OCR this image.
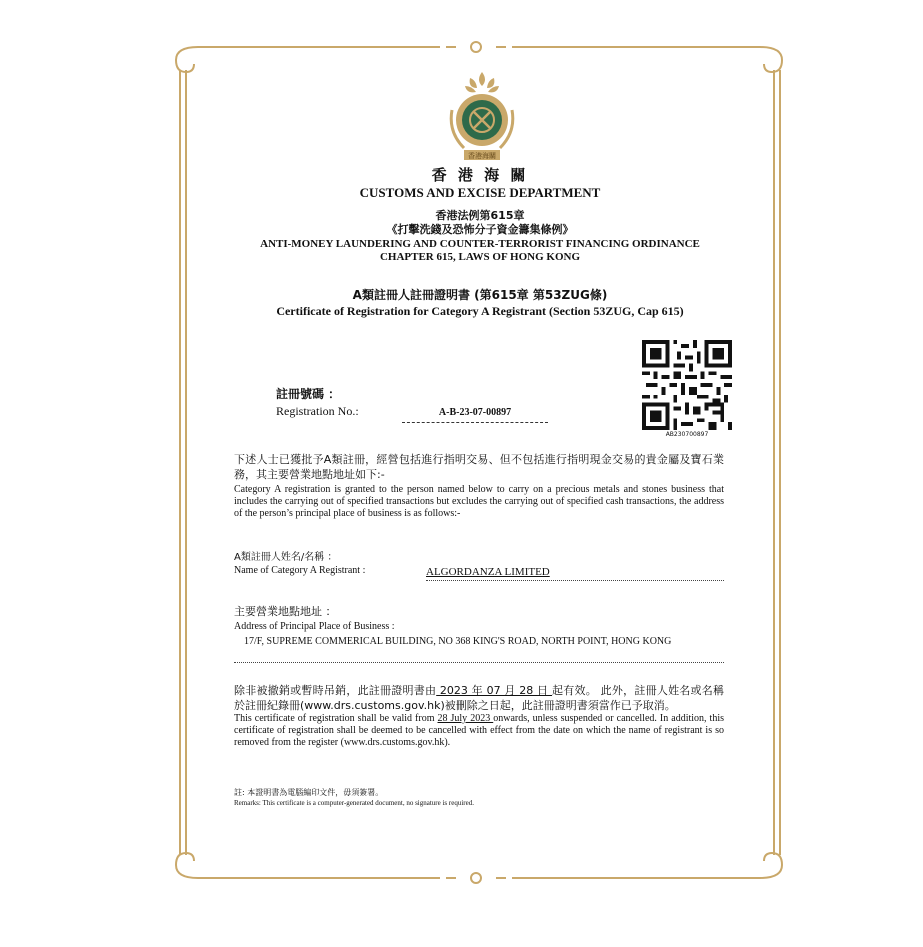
香港海關
香 港 海 關
CUSTOMS AND EXCISE DEPARTMENT
香港法例第615章
《打擊洗錢及恐怖分子資金籌集條例》
ANTI-MONEY LAUNDERING AND COUNTER-TERRORIST FINANCING ORDINANCE
CHAPTER 615, LAWS OF HONG KONG
A類註冊人註冊證明書 (第615章 第53ZUG條)
Certificate of Registration for Category A Registrant (Section 53ZUG, Cap 615)
AB230700897
註冊號碼 ：
Registration No.:	A-B-23-07-00897
下述人士已獲批予A類註冊，經營包括進行指明交易、但不包括進行指明現金交易的貴金屬及寶石業務，其主要營業地點地址如下:-
Category A registration is granted to the person named below to carry on a precious metals and stones business that includes the carrying out of specified transactions but excludes the carrying out of specified cash transactions, the address of the person’s principal place of business is as follows:-
A類註冊人姓名/名稱 ：
Name of Category A Registrant :	ALGORDANZA LIMITED
主要營業地點地址 ：
Address of Principal Place of Business :
17/F, SUPREME COMMERICAL BUILDING, NO 368 KING'S ROAD, NORTH POINT, HONG KONG
除非被撤銷或暫時吊銷，此註冊證明書由 2023 年 07 月 28 日 起有效。 此外，註冊人姓名或名稱於註冊紀錄冊(www.drs.customs.gov.hk)被刪除之日起，此註冊證明書須當作已予取消。
This certificate of registration shall be valid from 28 July 2023 onwards, unless suspended or cancelled. In addition, this certificate of registration shall be deemed to be cancelled with effect from the date on which the name of registrant is so removed from the register (www.drs.customs.gov.hk).
註: 本證明書為電腦編印文件，毋須簽署。
Remarks: This certificate is a computer-generated document, no signature is required.
